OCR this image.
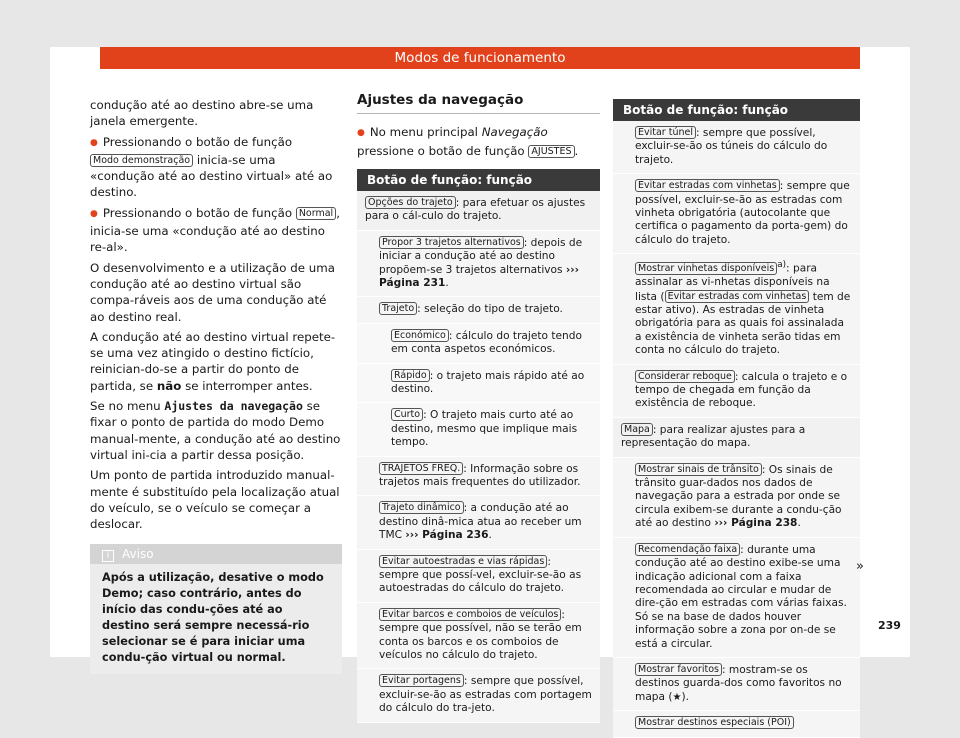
Modos de funcionamento

condução até ao destino abre-se uma janela emergente.

● Pressionando o botão de função Modo demonstração inicia-se uma «condução até ao destino virtual» até ao destino.

● Pressionando o botão de função Normal , inicia-se uma «condução até ao destino re-al».

O desenvolvimento e a utilização de uma condução até ao destino virtual são compa-ráveis aos de uma condução até ao destino real.

A condução até ao destino virtual repete-se uma vez atingido o destino fictício, reinician-do-se a partir do ponto de partida, se não se interromper antes.

Se no menu Ajustes da navegação se fixar o ponto de partida do modo Demo manual-mente, a condução até ao destino virtual ini-cia a partir dessa posição.

Um ponto de partida introduzido manual-mente é substituído pela localização atual do veículo, se o veículo se começar a deslocar.

i Aviso
Após a utilização, desative o modo Demo; caso contrário, antes do início das condu-ções até ao destino será sempre necessá-rio selecionar se é para iniciar uma condu-ção virtual ou normal.
Ajustes da navegação

● No menu principal Navegação pressione o botão de função AJUSTES .

Botão de função: função
Opções do trajeto : para efetuar os ajustes para o cál-culo do trajeto.
Propor 3 trajetos alternativos : depois de iniciar a condução até ao destino propõem-se 3 trajetos alternativos ››› Página 231.
Trajeto : seleção do tipo de trajeto.
Económico : cálculo do trajeto tendo em conta aspetos económicos.
Rápido : o trajeto mais rápido até ao destino.
Curto : O trajeto mais curto até ao destino, mesmo que implique mais tempo.
TRAJETOS FREQ. : Informação sobre os trajetos mais frequentes do utilizador.
Trajeto dinâmico : a condução até ao destino dinâ-mica atua ao receber um TMC ››› Página 236.
Evitar autoestradas e vias rápidas : sempre que possí-vel, excluir-se-ão as autoestradas do cálculo do trajeto.
Evitar barcos e comboios de veículos : sempre que possível, não se terão em conta os barcos e os comboios de veículos no cálculo do trajeto.
Evitar portagens : sempre que possível, excluir-se-ão as estradas com portagem do cálculo do tra-jeto.
Botão de função: função
Evitar túnel : sempre que possível, excluir-se-ão os túneis do cálculo do trajeto.
Evitar estradas com vinhetas : sempre que possível, excluir-se-ão as estradas com vinheta obrigatória (autocolante que certifica o pagamento da porta-gem) do cálculo do trajeto.
Mostrar vinhetas disponíveis $^{a)}$: para assinalar as vi-nhetas disponíveis na lista ( Evitar estradas com vinhetas tem de estar ativo). As estradas de vinheta obrigatória para as quais foi assinalada a existência de vinheta serão tidas em conta no cálculo do trajeto.
Considerar reboque : calcula o trajeto e o tempo de chegada em função da existência de reboque.
Mapa : para realizar ajustes para a representação do mapa.
Mostrar sinais de trânsito : Os sinais de trânsito guar-dados nos dados de navegação para a estrada por onde se circula exibem-se durante a condu-ção até ao destino ››› Página 238.
Recomendação faixa : durante uma condução até ao destino exibe-se uma indicação adicional com a faixa recomendada ao circular e mudar de dire-ção em estradas com várias faixas. Só se na base de dados houver informação sobre a zona por on-de se está a circular.
Mostrar favoritos : mostram-se os destinos guarda-dos como favoritos no mapa (★).
Mostrar destinos especiais (POI)
»
239
